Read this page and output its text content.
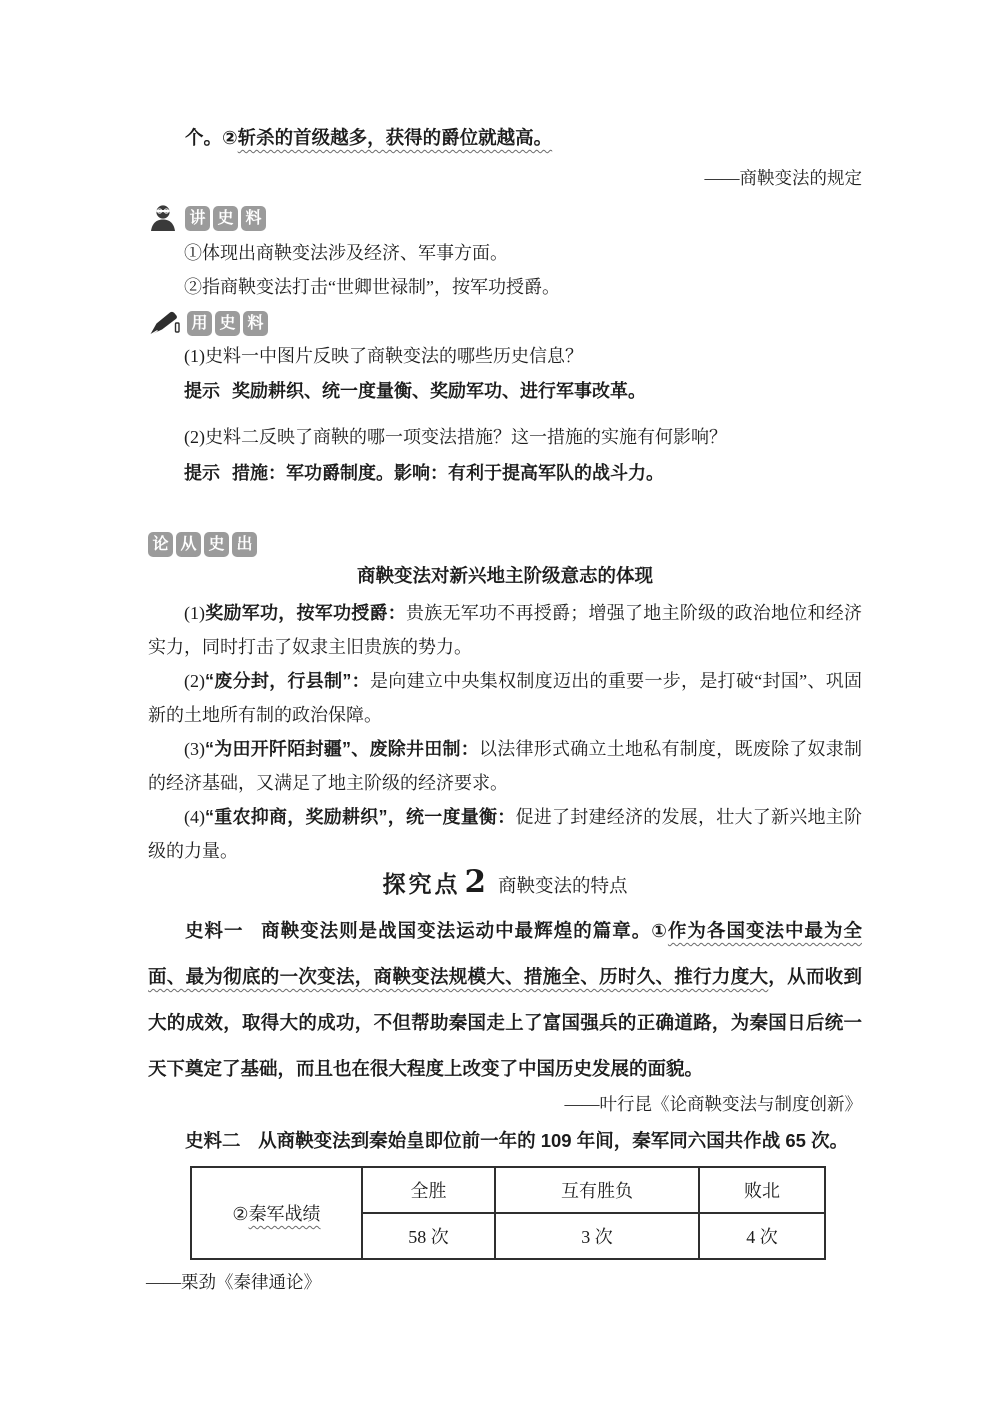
个。②斩杀的首级越多，获得的爵位就越高。

——商鞅变法的规定

讲 史 料

①体现出商鞅变法涉及经济、军事方面。

②指商鞅变法打击“世卿世禄制”，按军功授爵。

用 史 料

(1)史料一中图片反映了商鞅变法的哪些历史信息？

提示 奖励耕织、统一度量衡、奖励军功、进行军事改革。

(2)史料二反映了商鞅的哪一项变法措施？这一措施的实施有何影响？

提示 措施：军功爵制度。影响：有利于提高军队的战斗力。

论 从 史 出
商鞅变法对新兴地主阶级意志的体现

(1)奖励军功，按军功授爵：贵族无军功不再授爵；增强了地主阶级的政治地位和经济实力，同时打击了奴隶主旧贵族的势力。

(2)“废分封，行县制”：是向建立中央集权制度迈出的重要一步，是打破“封国”、巩固新的土地所有制的政治保障。

(3)“为田开阡陌封疆”、废除井田制：以法律形式确立土地私有制度，既废除了奴隶制的经济基础，又满足了地主阶级的经济要求。

(4)“重农抑商，奖励耕织”，统一度量衡：促进了封建经济的发展，壮大了新兴地主阶级的力量。

探究点 2 商鞅变法的特点

史料一 商鞅变法则是战国变法运动中最辉煌的篇章。①作为各国变法中最为全面、最为彻底的一次变法，商鞅变法规模大、措施全、历时久、推行力度大，从而收到大的成效，取得大的成功，不但帮助秦国走上了富国强兵的正确道路，为秦国日后统一天下奠定了基础，而且也在很大程度上改变了中国历史发展的面貌。

——叶行昆《论商鞅变法与制度创新》

史料二 从商鞅变法到秦始皇即位前一年的 109 年间，秦军同六国共作战 65 次。

②秦军战绩	全胜	互有胜负	败北
	58 次	3 次	4 次

——栗劲《秦律通论》
